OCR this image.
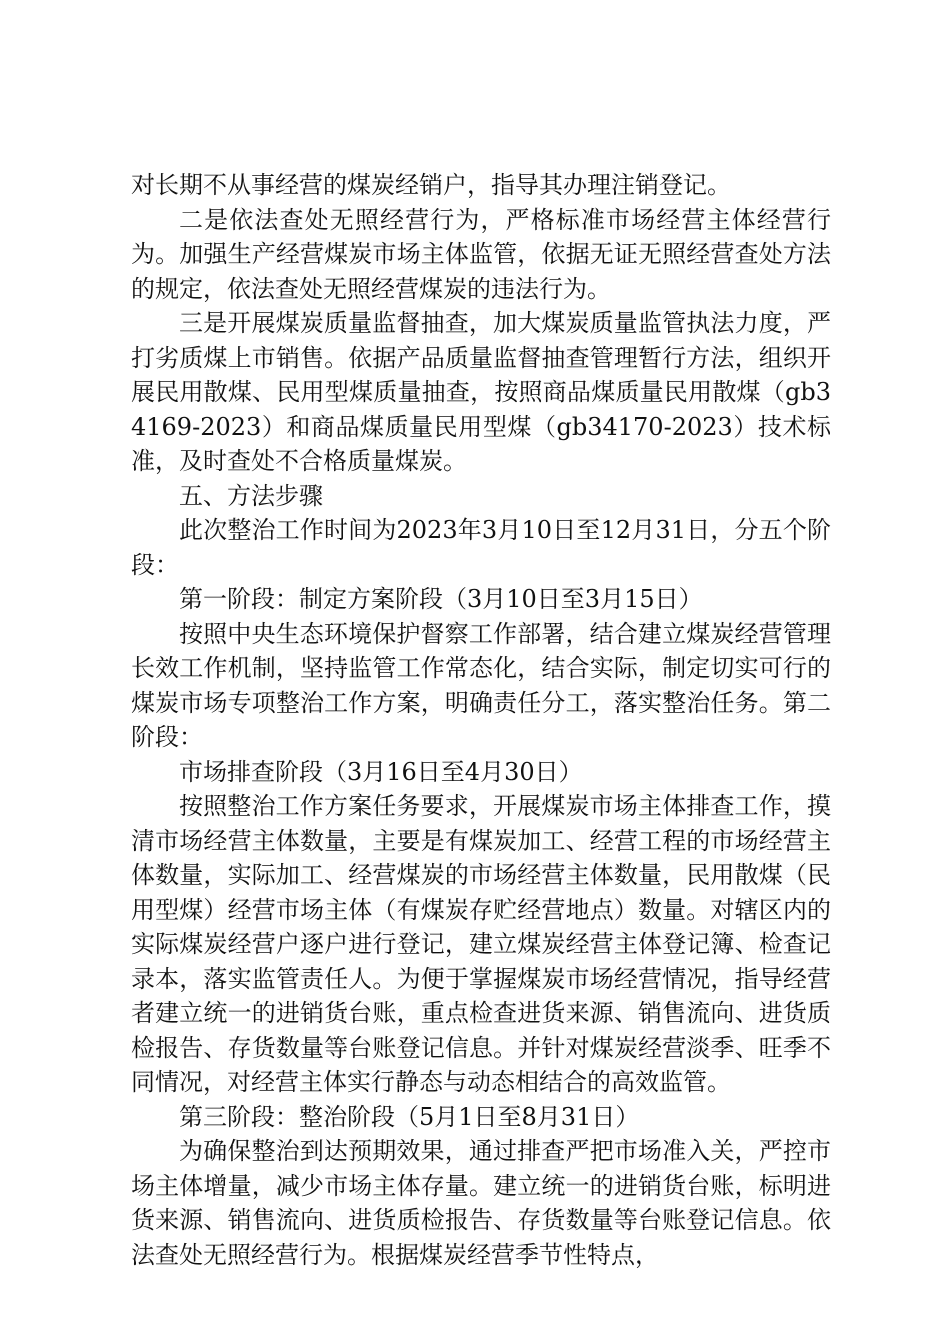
对长期不从事经营的煤炭经销户，指导其办理注销登记。

二是依法查处无照经营行为，严格标准市场经营主体经营行为。加强生产经营煤炭市场主体监管，依据无证无照经营查处方法的规定，依法查处无照经营煤炭的违法行为。

三是开展煤炭质量监督抽查，加大煤炭质量监管执法力度，严打劣质煤上市销售。依据产品质量监督抽查管理暂行方法，组织开展民用散煤、民用型煤质量抽查，按照商品煤质量民用散煤（gb34169-2023）和商品煤质量民用型煤（gb34170-2023）技术标准，及时查处不合格质量煤炭。

五、方法步骤

此次整治工作时间为2023年3月10日至12月31日，分五个阶段：

第一阶段：制定方案阶段（3月10日至3月15日）

按照中央生态环境保护督察工作部署，结合建立煤炭经营管理长效工作机制，坚持监管工作常态化，结合实际，制定切实可行的煤炭市场专项整治工作方案，明确责任分工，落实整治任务。第二阶段：

市场排查阶段（3月16日至4月30日）

按照整治工作方案任务要求，开展煤炭市场主体排查工作，摸清市场经营主体数量，主要是有煤炭加工、经营工程的市场经营主体数量，实际加工、经营煤炭的市场经营主体数量，民用散煤（民用型煤）经营市场主体（有煤炭存贮经营地点）数量。对辖区内的实际煤炭经营户逐户进行登记，建立煤炭经营主体登记簿、检查记录本，落实监管责任人。为便于掌握煤炭市场经营情况，指导经营者建立统一的进销货台账，重点检查进货来源、销售流向、进货质检报告、存货数量等台账登记信息。并针对煤炭经营淡季、旺季不同情况，对经营主体实行静态与动态相结合的高效监管。

第三阶段：整治阶段（5月1日至8月31日）

为确保整治到达预期效果，通过排查严把市场准入关，严控市场主体增量，减少市场主体存量。建立统一的进销货台账，标明进货来源、销售流向、进货质检报告、存货数量等台账登记信息。依法查处无照经营行为。根据煤炭经营季节性特点，
